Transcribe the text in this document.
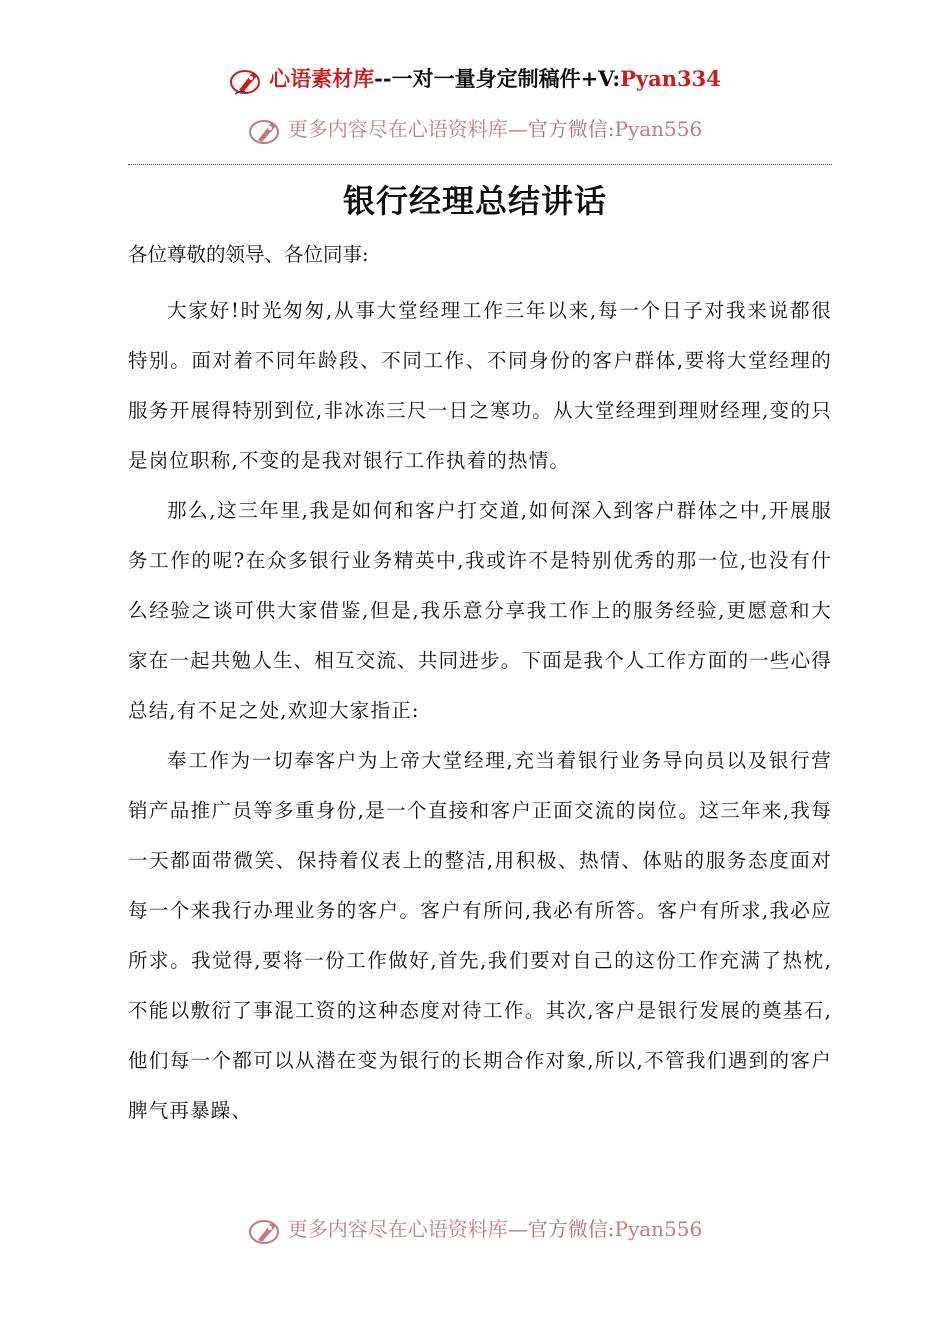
心语素材库--一对一量身定制稿件+V:Pyan334
更多内容尽在心语资料库—官方微信:Pyan556
银行经理总结讲话
各位尊敬的领导、各位同事:

大家好!时光匆匆,从事大堂经理工作三年以来,每一个日子对我来说都很特别。面对着不同年龄段、不同工作、不同身份的客户群体,要将大堂经理的服务开展得特别到位,非冰冻三尺一日之寒功。从大堂经理到理财经理,变的只是岗位职称,不变的是我对银行工作执着的热情。

那么,这三年里,我是如何和客户打交道,如何深入到客户群体之中,开展服务工作的呢?在众多银行业务精英中,我或许不是特别优秀的那一位,也没有什么经验之谈可供大家借鉴,但是,我乐意分享我工作上的服务经验,更愿意和大家在一起共勉人生、相互交流、共同进步。下面是我个人工作方面的一些心得总结,有不足之处,欢迎大家指正:

奉工作为一切奉客户为上帝大堂经理,充当着银行业务导向员以及银行营销产品推广员等多重身份,是一个直接和客户正面交流的岗位。这三年来,我每一天都面带微笑、保持着仪表上的整洁,用积极、热情、体贴的服务态度面对每一个来我行办理业务的客户。客户有所问,我必有所答。客户有所求,我必应所求。我觉得,要将一份工作做好,首先,我们要对自己的这份工作充满了热枕,不能以敷衍了事混工资的这种态度对待工作。其次,客户是银行发展的奠基石,他们每一个都可以从潜在变为银行的长期合作对象,所以,不管我们遇到的客户脾气再暴躁、

更多内容尽在心语资料库—官方微信:Pyan556
